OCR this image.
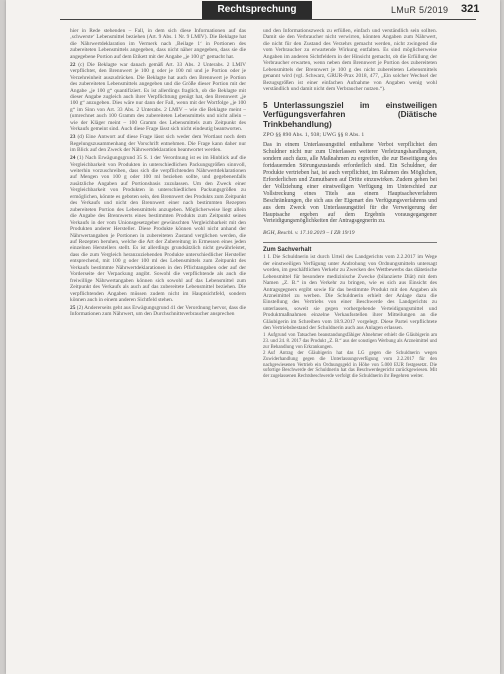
Rechtsprechung	LMuR 5/2019 321

hier in Rede stehenden – Fall, in dem sich diese Informationen auf das ‚schwerste‘ Lebensmittel beziehen (Art. 9 Abs. 1 Nr. 9 LMIV). Die Beklagte hat die Nährwertdeklaration im Vermerk nach ‚Beilage 1‘ in Portionen des zubereiteten Lebensmittels angegeben, dass nicht näher angegeben, dass sie die angegebene Portion auf dem Etikett mit der Angabe „je 100 g“ gemacht hat.

22 (c) Die Beklagte war danach gemäß Art. 33 Abs. 2 Unterabs. 2 LMIV verpflichtet, den Brennwert je 100 g oder je 100 ml und je Portion oder je Verzehreinheit auszudrücken. Die Beklagte hat auch den Brennwert je Portion des zubereiteten Lebensmittels angegeben und die Größe dieser Portion mit der Angabe „je 100 g“ quantifiziert. Es ist allerdings fraglich, ob die Beklagte mit dieser Angabe zugleich auch ihrer Verpflichtung genügt hat, den Brennwert „je 100 g“ anzugeben. Dies wäre nur dann der Fall, wenn mit der Wortfolge „je 100 g“ im Sinn von Art. 33 Abs. 2 Unterabs. 2 LMIV – wie die Beklagte meint – (umrechnet auch 100 Gramm des zubereiteten Lebensmittels und nicht allein – wie der Kläger meint – 100 Gramm des Lebensmittels zum Zeitpunkt des Verkaufs gemeint sind. Auch diese Frage lässt sich nicht eindeutig beantworten.

23 (d) Eine Antwort auf diese Frage lässt sich weder dem Wortlaut noch dem Regelungszusammenhang der Vorschrift entnehmen. Die Frage kann daher nur im Blick auf den Zweck der Nährwertdeklaration beantwortet werden.

24 (1) Nach Erwägungsgrund 35 S. 1 der Verordnung ist es im Hinblick auf die Vergleichbarkeit von Produkten in unterschiedlichen Packungsgrößen sinnvoll, weiterhin vorzuschreiben, dass sich die verpflichtenden Nährwertdeklarationen auf Mengen von 100 g oder 100 ml beziehen sollte, und gegebenenfalls zusätzliche Angaben auf Portionsbasis zuzulassen. Um den Zweck einer Vergleichbarkeit von Produkten in unterschiedlichen Packungsgrößen zu ermöglichen, könnte es geboten sein, den Brennwert des Produkts zum Zeitpunkt des Verkaufs und nicht den Brennwert einer nach bestimmten Rezepten zubereiteten Portion des Lebensmittels anzugeben. Möglicherweise liegt allein die Angabe des Brennwerts eines bestimmten Produkts zum Zeitpunkt seines Verkaufs in der vom Unionsgesetzgeber gewünschten Vergleichbarkeit mit den Produkten anderer Hersteller. Diese Produkte können wohl nicht anhand der Nährwertangaben je Portionen in zubereiteten Zustand verglichen werden, die auf Rezepten beruhen, welche die Art der Zubereitung in Ermessen eines jeden einzelnen Herstellers stellt. Es ist allerdings grundsätzlich nicht gewährleistet, dass die zum Vergleich heranzuziehenden Produkte unterschiedlicher Hersteller entsprechend, mit 100 g oder 100 ml des Lebensmittels zum Zeitpunkt des Verkaufs bestimmte Nährwertdeklarationen in den Pflichtangaben oder auf der Vorderseite der Verpackung angibt. Sowohl die verpflichtende als auch die freiwillige Nährwertangaben können sich sowohl auf das Lebensmittel zum Zeitpunkt des Verkaufs als auch auf das zubereitete Lebensmittel beziehen. Die verpflichtenden Angaben müssen zudem nicht im Hauptsichtfeld, sondern können auch in einem anderen Sichtfeld stehen.

25 (2) Andererseits geht aus Erwägungsgrund 41 der Verordnung hervor, dass die Informationen zum Nährwert, um den Durchschnittsverbraucher ansprechen

und den Informationszweck zu erfüllen, einfach und verständlich sein sollten. Damit sie den Verbraucher nicht verwirren, könnten Angaben zum Nährwert, die nicht für den Zustand des Verzehrs gemacht werden, nicht zwingend die vom Verbraucher zu erwartende Wirkung entfalten. Es sind möglicherweise Angaben im anderen Sichtfeldern in der Hinsicht gemacht, ob die Erfüllung der Verbraucher erwarten, wenn neben dem Brennwert je Portion des zubereiteten Lebensmittels der Brennwert je 100 g des nicht zubereiteten Lebensmittels genannt wird (vgl. Schwarz, GRUR-Prax 2018, 477, „Ein solcher Wechsel der Bezugsgrößen ist einer einfachen Aufnahme von Angaben wenig wohl verständlich und damit nicht dem Verbraucher nutzen.“).

5 Unterlassungsziel im einstweiligen Verfügungsverfahren (Diätische Trinkbehandlung)
ZPO §§ 890 Abs. 1, 938; UWG §§ 8 Abs. 1

Das in einem Unterlassungstitel enthaltene Verbot verpflichtet den Schuldner nicht nur zum Unterlassen weiterer Verletzungshandlungen, sondern auch dazu, alle Maßnahmen zu ergreifen, die zur Beseitigung des fortdauernden Störungszustands erforderlich sind. Ein Schuldner, der Produkte vertrieben hat, ist auch verpflichtet, im Rahmen des Möglichen, Erforderlichen und Zumutbaren auf Dritte einzuwirken. Zudem gehen bei der Vollziehung einer einstweiligen Verfügung im Unterschied zur Vollstreckung eines Titels aus einem Hauptsacheverfahren Beschränkungen, die sich aus der Eigenart des Verfügungsverfahrens und aus dem Zweck von Unterlassungstitel für die Verweigerung der Hauptsache ergeben auf dem Ergebnis vorausgegangener Verteidigungsmöglichkeiten der Antragsgegnerin zu.

BGH, Beschl. v. 17.10.2019 – I ZB 19/19
Zum Sachverhalt

1 I. Die Schuldnerin ist durch Urteil des Landgerichts vom 2.2.2017 im Wege der einstweiligen Verfügung unter Androhung von Ordnungsmitteln untersagt worden, im geschäftlichen Verkehr zu Zwecken des Wettbewerbs das diätetische Lebensmittel für besondere medizinische Zwecke (bilanzierte Diät) mit dem Namen „Z. B.“ in den Verkehr zu bringen, wie es sich aus Einsicht des Antragsgegners ergibt sowie für das bestimmte Produkt mit den Angaben als Arzneimittel zu werben. Die Schuldnerin erhielt der Anlage dazu die Einstellung des Vertriebs von einer Beschwerde des Landgerichts zu unterlassen, soweit sie gegen vorhergehende Verteidigungsmittel und Produktmaßnahmen einzelne Verkaufsstellen ihrer Mitteilungen an die Gläubigerin im Schreiben vom 18.9.2017 vorgelegt. Diese Partei verpflichtete den Vertriebsbestand der Schuldnerin auch aus Anlagen erlassen.

1 Aufgrund von Tatsachen beanstandungsfähiger Abnehmer erhielt die Gläubigerin am 23. und 24. 8. 2017 das Produkt „Z. B.“ aus der sonstigen Werbung als Arzneimittel und zur Behandlung von Erkrankungen.

2 Auf Antrag der Gläubigerin hat das LG gegen die Schuldnerin wegen Zuwiderhandlung gegen die Unterlassungsverfügung vom 2.2.2017 für den nachgewiesenen Vertrieb ein Ordnungsgeld in Höhe von 5.000 EUR festgesetzt. Die sofortige Beschwerde der Schuldnerin hat das Beschwerdegericht zurückgewiesen. Mit der zugelassenen Rechtsbeschwerde verfolgt die Schuldnerin ihr Begehren weiter.
